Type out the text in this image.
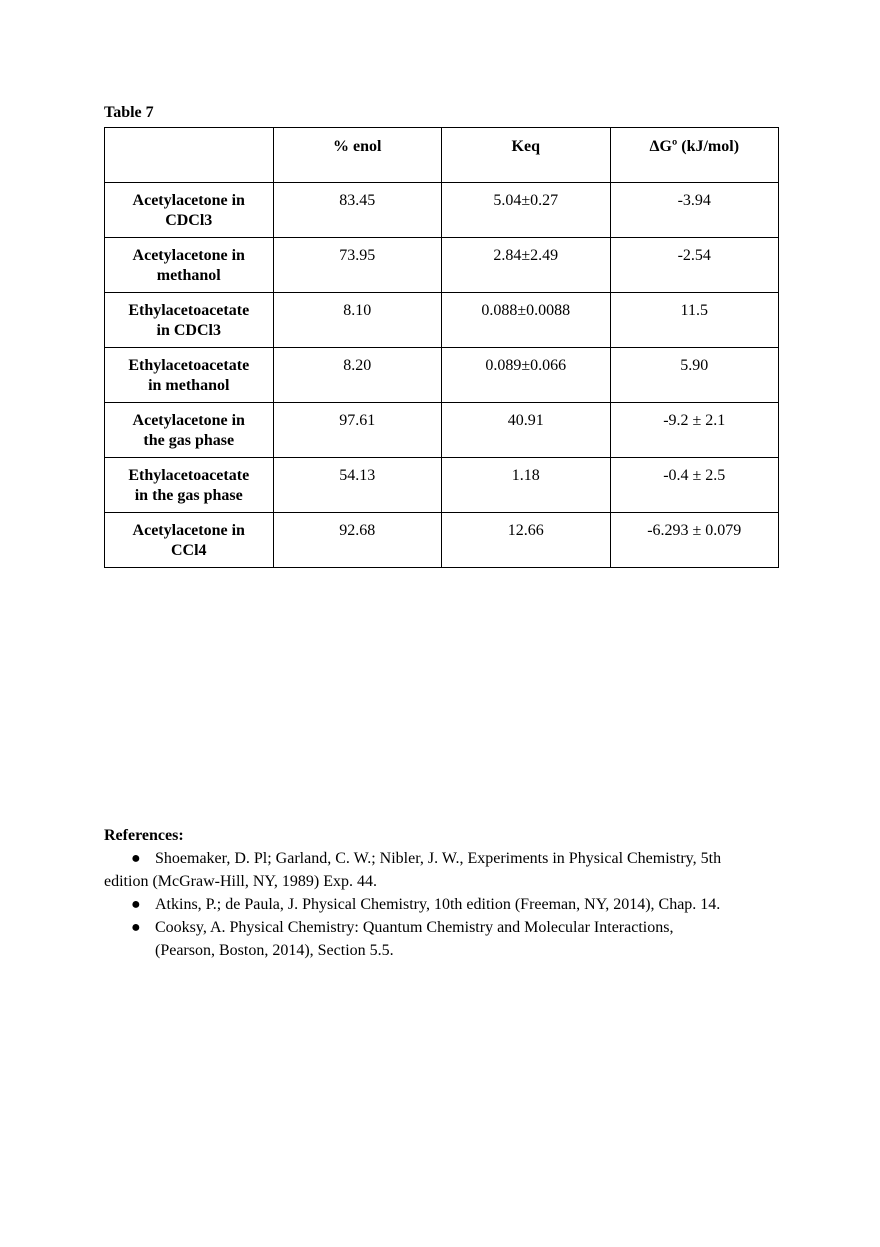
Table 7
	% enol	Keq	ΔGº (kJ/mol)
Acetylacetone in
CDCl3	83.45	5.04±0.27	-3.94
Acetylacetone in
methanol	73.95	2.84±2.49	-2.54
Ethylacetoacetate
in CDCl3	8.10	0.088±0.0088	11.5
Ethylacetoacetate
in methanol	8.20	0.089±0.066	5.90
Acetylacetone in
the gas phase	97.61	40.91	-9.2 ± 2.1
Ethylacetoacetate
in the gas phase	54.13	1.18	-0.4 ± 2.5
Acetylacetone in
CCl4	92.68	12.66	-6.293 ± 0.079
References:
● Shoemaker, D. Pl; Garland, C. W.; Nibler, J. W., Experiments in Physical Chemistry, 5th
edition (McGraw-Hill, NY, 1989) Exp. 44.
● Atkins, P.; de Paula, J. Physical Chemistry, 10th edition (Freeman, NY, 2014), Chap. 14.
● Cooksy, A. Physical Chemistry: Quantum Chemistry and Molecular Interactions,
(Pearson, Boston, 2014), Section 5.5.
